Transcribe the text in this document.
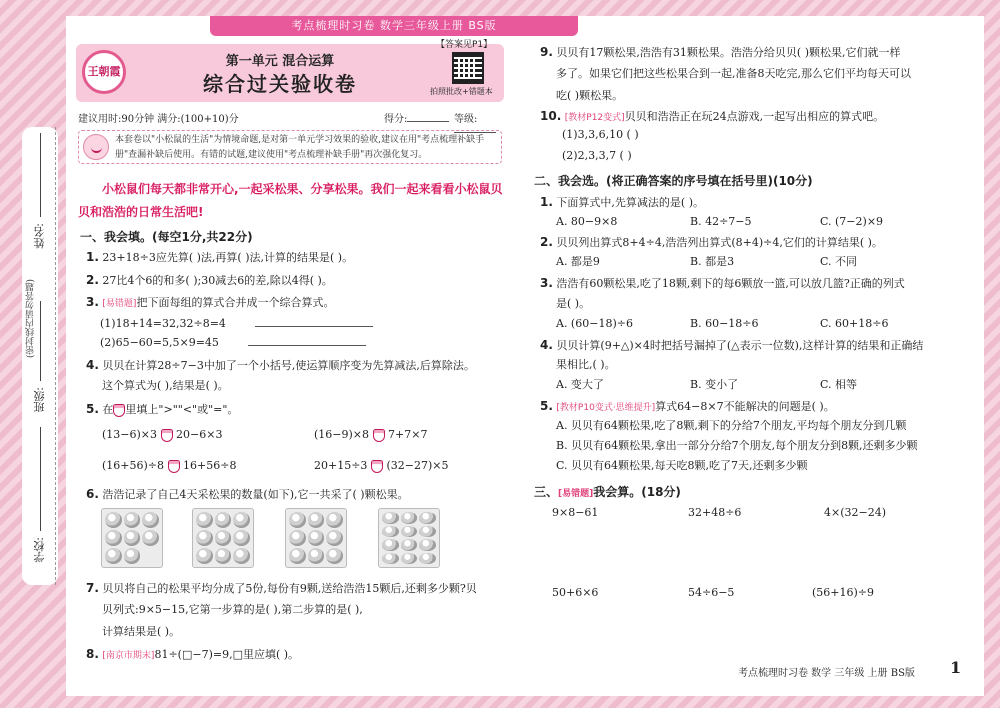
考点梳理时习卷 数学三年级上册 BS版
姓名:
(密封线内请勿答题)
班级:
学校:
王朝霞
第一单元 混合运算
综合过关验收卷
【答案见P1】
拍照批改+错题本
建议用时:90分钟 满分:(100+10)分	得分:	等级:
本套卷以"小松鼠的生活"为情境命题,是对第一单元学习效果的验收,建议在用"考点梳理补缺手册"查漏补缺后使用。有错的试题,建议使用"考点梳理补缺手册"再次强化复习。
小松鼠们每天都非常开心,一起采松果、分享松果。我们一起来看看小松鼠贝贝和浩浩的日常生活吧!
一、我会填。(每空1分,共22分)
1. 23+18÷3应先算( )法,再算( )法,计算的结果是( )。
2. 27比4个6的和多( );30减去6的差,除以4得( )。
3. [易错题]把下面每组的算式合并成一个综合算式。
(1)18+14=32,32÷8=4
(2)65−60=5,5×9=45
4. 贝贝在计算28÷7−3中加了一个小括号,使运算顺序变为先算减法,后算除法。
这个算式为( ),结果是( )。
5. 在 里填上">""<"或"="。
(13−6)×3 20−6×3	(16−9)×8 7+7×7
(16+56)÷8 16+56÷8	20+15÷3 (32−27)×5
6. 浩浩记录了自己4天采松果的数量(如下),它一共采了( )颗松果。
7. 贝贝将自己的松果平均分成了5份,每份有9颗,送给浩浩15颗后,还剩多少颗?贝
贝列式:9×5−15,它第一步算的是( ),第二步算的是( ),
计算结果是( )。
8. [南京市期末]81÷(□−7)=9,□里应填( )。
9. 贝贝有17颗松果,浩浩有31颗松果。浩浩分给贝贝( )颗松果,它们就一样
多了。如果它们把这些松果合到一起,准备8天吃完,那么它们平均每天可以
吃( )颗松果。
10. [教材P12变式]贝贝和浩浩正在玩24点游戏,一起写出相应的算式吧。
(1)3,3,6,10 ( )
(2)2,3,3,7 ( )
二、我会选。(将正确答案的序号填在括号里)(10分)
1. 下面算式中,先算减法的是( )。
A. 80−9×8	B. 42÷7−5	C. (7−2)×9
2. 贝贝列出算式8+4÷4,浩浩列出算式(8+4)÷4,它们的计算结果( )。
A. 都是9	B. 都是3	C. 不同
3. 浩浩有60颗松果,吃了18颗,剩下的每6颗放一篮,可以放几篮?正确的列式
是( )。
A. (60−18)÷6	B. 60−18÷6	C. 60+18÷6
4. 贝贝计算(9+△)×4时把括号漏掉了(△表示一位数),这样计算的结果和正确结
果相比,( )。
A. 变大了	B. 变小了	C. 相等
5. [教材P10变式·思维提升]算式64−8×7不能解决的问题是( )。
A. 贝贝有64颗松果,吃了8颗,剩下的分给7个朋友,平均每个朋友分到几颗
B. 贝贝有64颗松果,拿出一部分分给7个朋友,每个朋友分到8颗,还剩多少颗
C. 贝贝有64颗松果,每天吃8颗,吃了7天,还剩多少颗
三、[易错题]我会算。(18分)
9×8−61	32+48÷6	4×(32−24)
50+6×6	54÷6−5	(56+16)÷9
考点梳理时习卷 数学 三年级 上册 BS版 1
